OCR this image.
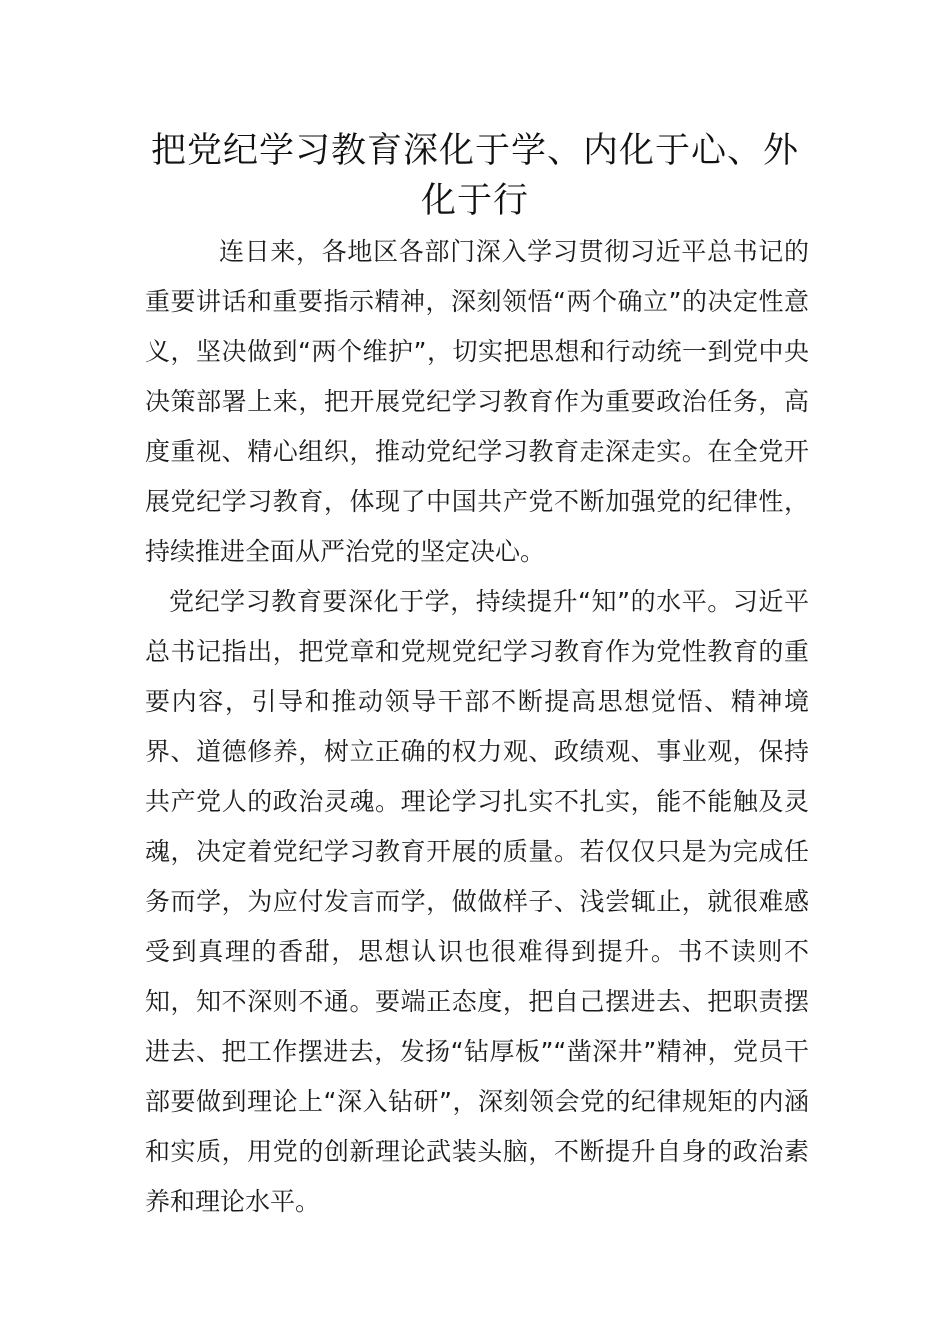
把党纪学习教育深化于学、内化于心、外化于行

连日来，各地区各部门深入学习贯彻习近平总书记的重要讲话和重要指示精神，深刻领悟“两个确立”的决定性意义，坚决做到“两个维护”，切实把思想和行动统一到党中央决策部署上来，把开展党纪学习教育作为重要政治任务，高度重视、精心组织，推动党纪学习教育走深走实。在全党开展党纪学习教育，体现了中国共产党不断加强党的纪律性，持续推进全面从严治党的坚定决心。

党纪学习教育要深化于学，持续提升“知”的水平。习近平总书记指出，把党章和党规党纪学习教育作为党性教育的重要内容，引导和推动领导干部不断提高思想觉悟、精神境界、道德修养，树立正确的权力观、政绩观、事业观，保持共产党人的政治灵魂。理论学习扎实不扎实，能不能触及灵魂，决定着党纪学习教育开展的质量。若仅仅只是为完成任务而学，为应付发言而学，做做样子、浅尝辄止，就很难感受到真理的香甜，思想认识也很难得到提升。书不读则不知，知不深则不通。要端正态度，把自己摆进去、把职责摆进去、把工作摆进去，发扬“钻厚板”“凿深井”精神，党员干部要做到理论上“深入钻研”，深刻领会党的纪律规矩的内涵和实质，用党的创新理论武装头脑，不断提升自身的政治素养和理论水平。
